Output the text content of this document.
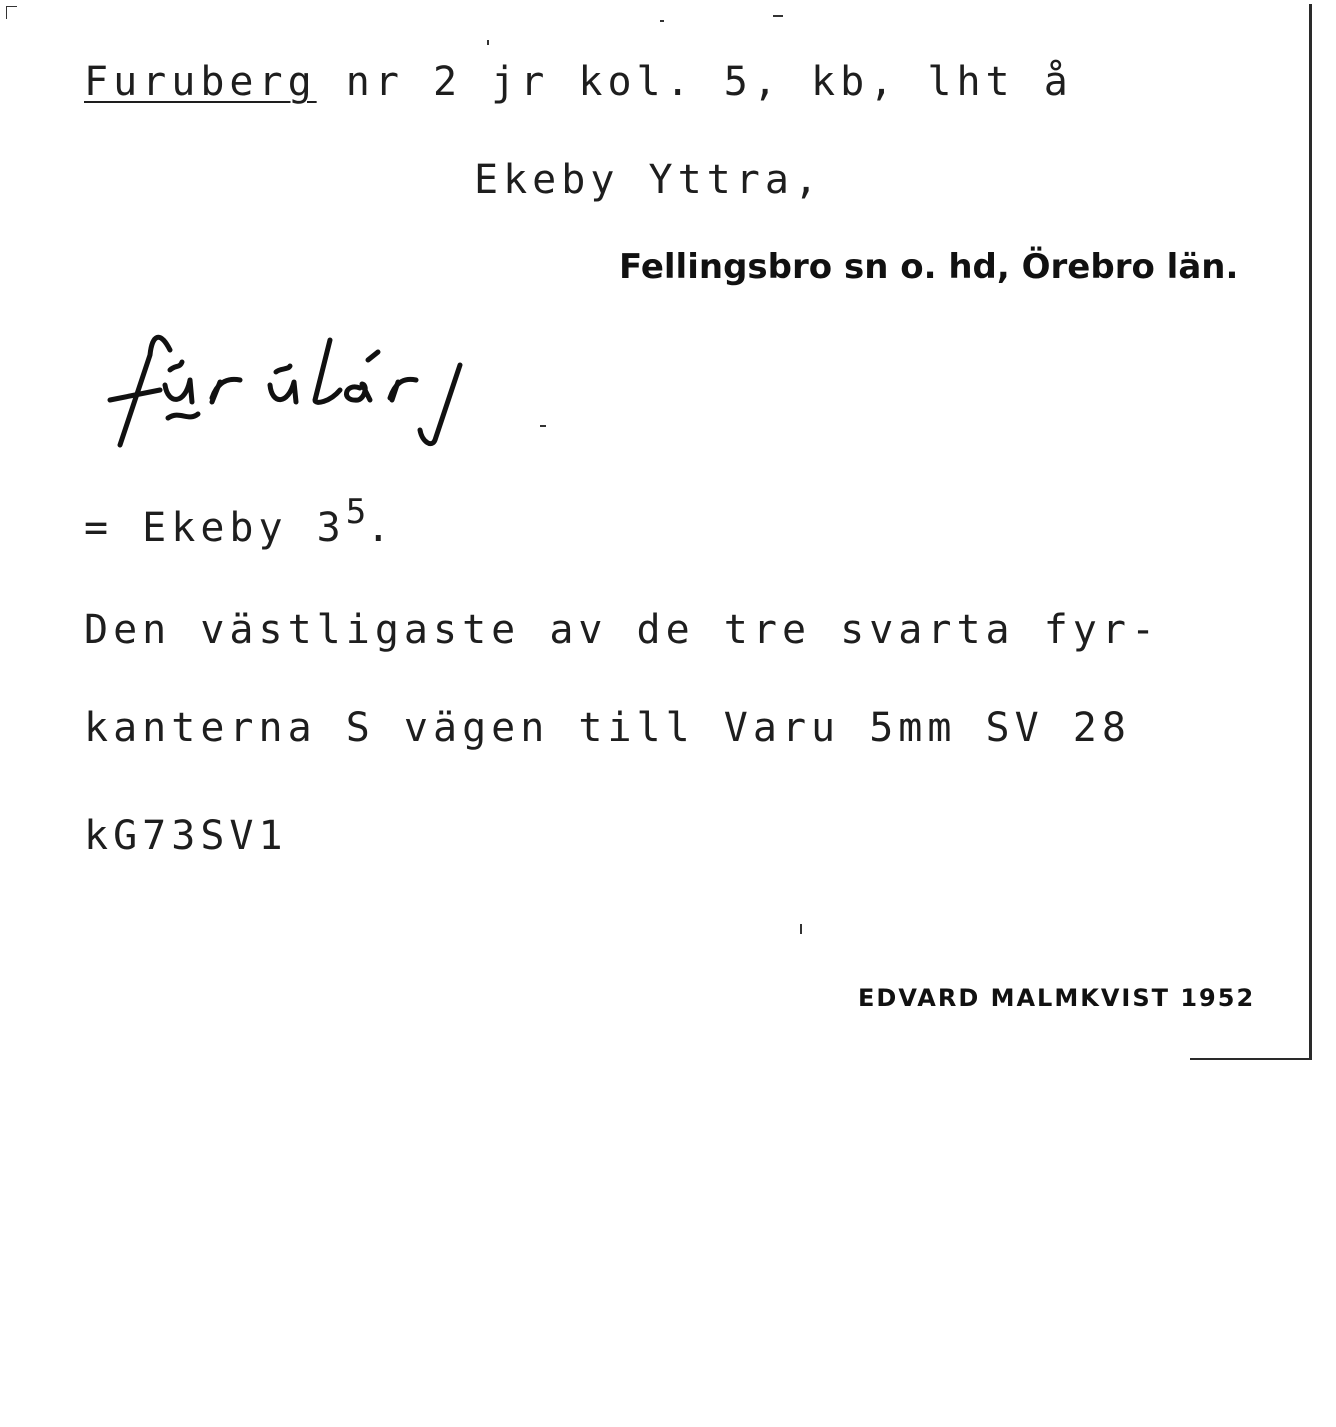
Furuberg nr 2 jr kol. 5, kb, lht å
Ekeby Yttra,
Fellingsbro sn o. hd, Örebro län.
= Ekeby $3^5$.
Den västligaste av de tre svarta fyr-
kanterna S vägen till Varu 5mm SV 28
kG73SV1
EDVARD MALMKVIST 1952
